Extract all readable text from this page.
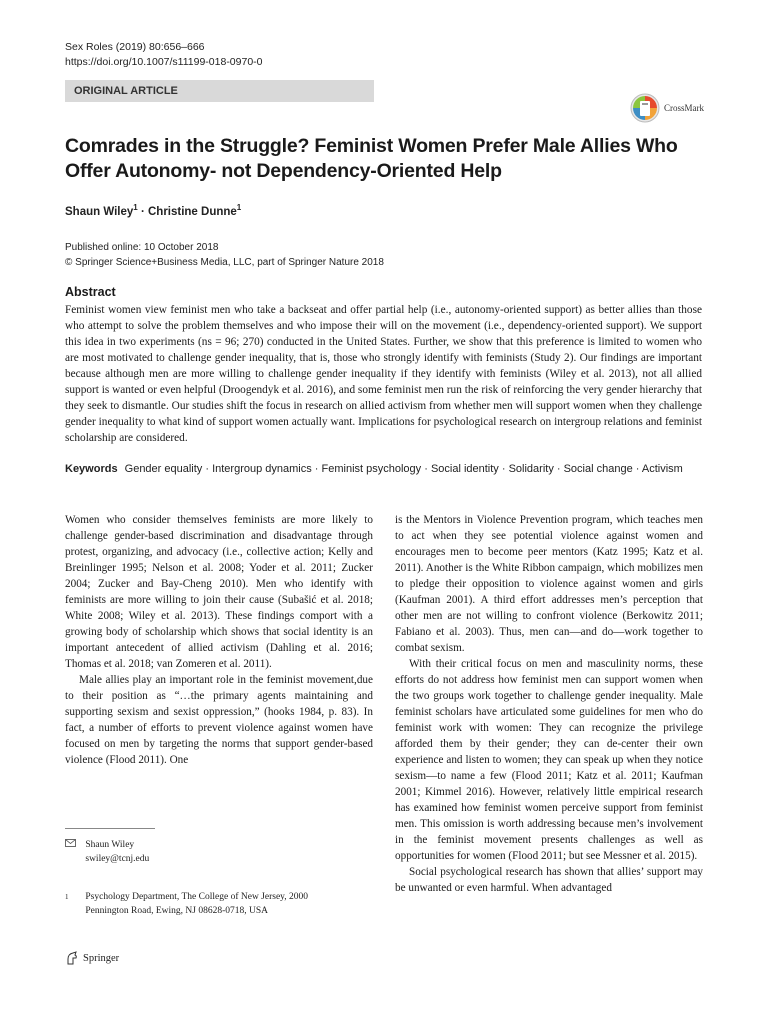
Sex Roles (2019) 80:656–666
https://doi.org/10.1007/s11199-018-0970-0
ORIGINAL ARTICLE
CrossMark
Comrades in the Struggle? Feminist Women Prefer Male Allies Who Offer Autonomy- not Dependency-Oriented Help
Shaun Wiley$^1$ · Christine Dunne$^1$
Published online: 10 October 2018
© Springer Science+Business Media, LLC, part of Springer Nature 2018
Abstract
Feminist women view feminist men who take a backseat and offer partial help (i.e., autonomy-oriented support) as better allies than those who attempt to solve the problem themselves and who impose their will on the movement (i.e., dependency-oriented support). We support this idea in two experiments (ns = 96; 270) conducted in the United States. Further, we show that this preference is limited to women who are most motivated to challenge gender inequality, that is, those who strongly identify with feminists (Study 2). Our findings are important because although men are more willing to challenge gender inequality if they identify with feminists (Wiley et al. 2013), not all allied support is wanted or even helpful (Droogendyk et al. 2016), and some feminist men run the risk of reinforcing the very gender hierarchy that they seek to dismantle. Our studies shift the focus in research on allied activism from whether men will support women when they challenge gender inequality to what kind of support women actually want. Implications for psychological research on intergroup relations and feminist scholarship are considered.
Keywords Gender equality · Intergroup dynamics · Feminist psychology · Social identity · Solidarity · Social change · Activism

Women who consider themselves feminists are more likely to challenge gender-based discrimination and disadvantage through protest, organizing, and advocacy (i.e., collective action; Kelly and Breinlinger 1995; Nelson et al. 2008; Yoder et al. 2011; Zucker 2004; Zucker and Bay-Cheng 2010). Men who identify with feminists are more willing to join their cause (Subašić et al. 2018; White 2008; Wiley et al. 2013). These findings comport with a growing body of scholarship which shows that social identity is an important antecedent of allied activism (Dahling et al. 2016; Thomas et al. 2018; van Zomeren et al. 2011).

Male allies play an important role in the feminist movement,due to their position as “…the primary agents maintaining and supporting sexism and sexist oppression,” (hooks 1984, p. 83). In fact, a number of efforts to prevent violence against women have focused on men by targeting the norms that support gender-based violence (Flood 2011). One

is the Mentors in Violence Prevention program, which teaches men to act when they see potential violence against women and encourages men to become peer mentors (Katz 1995; Katz et al. 2011). Another is the White Ribbon campaign, which mobilizes men to pledge their opposition to violence against women and girls (Kaufman 2001). A third effort addresses men’s perception that other men are not willing to confront violence (Berkowitz 2011; Fabiano et al. 2003). Thus, men can—and do—work together to combat sexism.

With their critical focus on men and masculinity norms, these efforts do not address how feminist men can support women when the two groups work together to challenge gender inequality. Male feminist scholars have articulated some guidelines for men who do feminist work with women: They can recognize the privilege afforded them by their gender; they can de-center their own experience and listen to women; they can speak up when they notice sexism—to name a few (Flood 2011; Katz et al. 2011; Kaufman 2001; Kimmel 2016). However, relatively little empirical research has examined how feminist women perceive support from feminist men. This omission is worth addressing because men’s involvement in the feminist movement presents challenges as well as opportunities for women (Flood 2011; but see Messner et al. 2015).

Social psychological research has shown that allies’ support may be unwanted or even harmful. When advantaged

Shaun Wiley
swiley@tcnj.edu
1 Psychology Department, The College of New Jersey, 2000
Pennington Road, Ewing, NJ 08628-0718, USA
Springer
